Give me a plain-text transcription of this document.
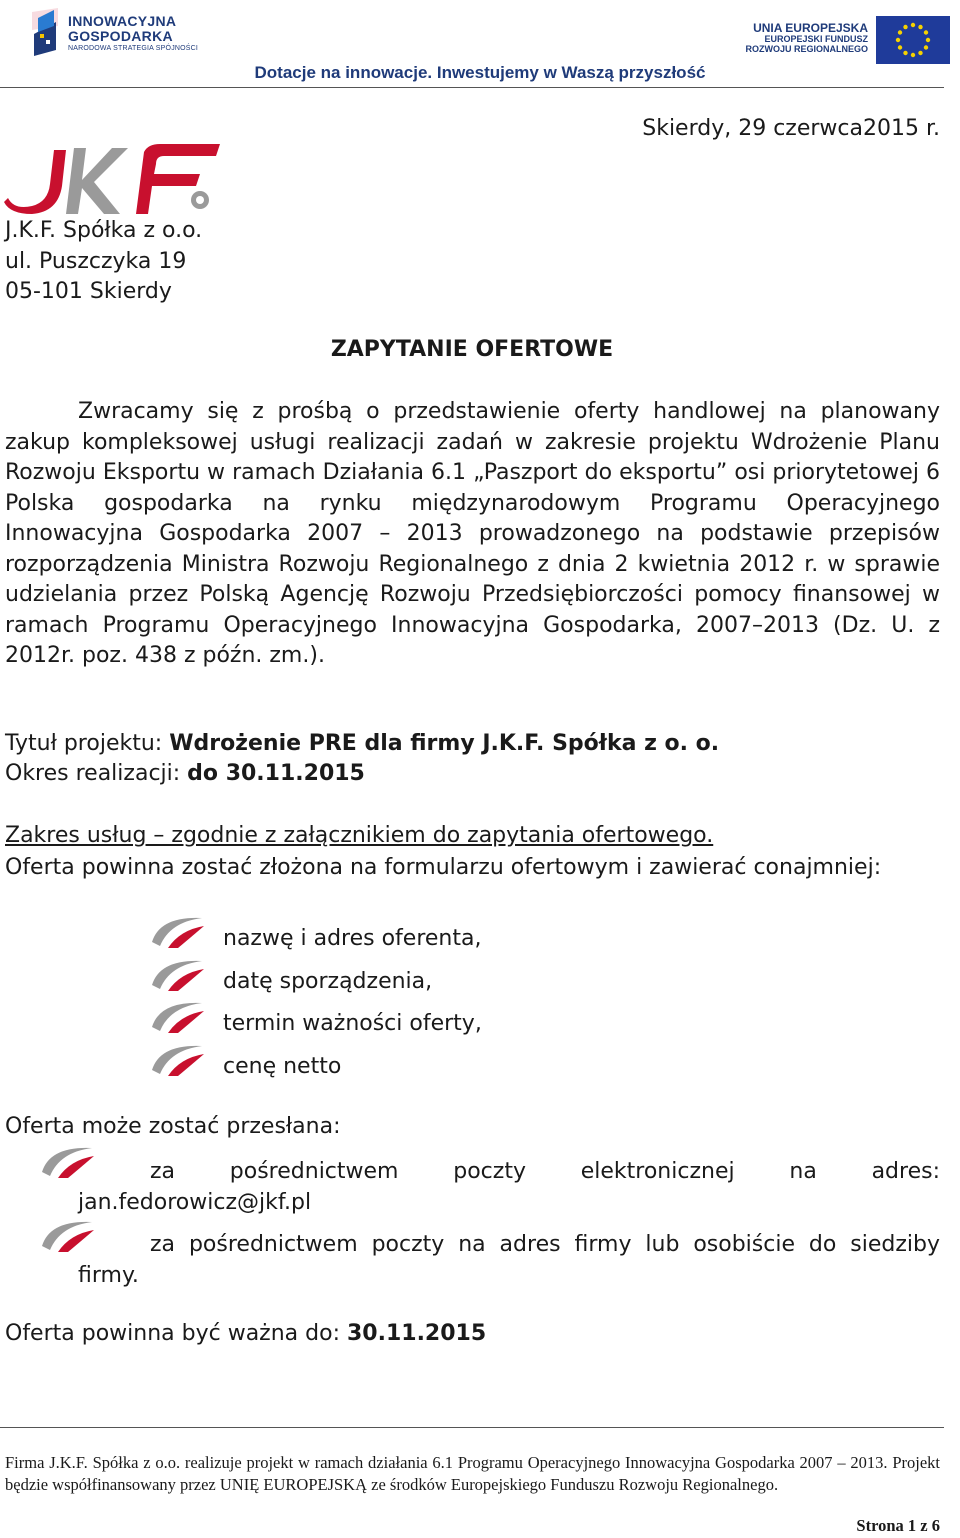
INNOWACYJNA
GOSPODARKA
NARODOWA STRATEGIA SPÓJNOŚCI
UNIA EUROPEJSKA
EUROPEJSKI FUNDUSZ
ROZWOJU REGIONALNEGO
Dotacje na innowacje. Inwestujemy w Waszą przyszłość
Skierdy, 29 czerwca2015 r.
J.K.F. Spółka z o.o.
ul. Puszczyka 19
05-101 Skierdy
ZAPYTANIE OFERTOWE

Zwracamy się z prośbą o przedstawienie oferty handlowej na planowany zakup kompleksowej usługi realizacji zadań w zakresie projektu Wdrożenie Planu Rozwoju Eksportu w ramach Działania 6.1 „Paszport do eksportu” osi priorytetowej 6 Polska gospodarka na rynku międzynarodowym Programu Operacyjnego Innowacyjna Gospodarka 2007 – 2013 prowadzonego na podstawie przepisów rozporządzenia Ministra Rozwoju Regionalnego z dnia 2 kwietnia 2012 r. w sprawie udzielania przez Polską Agencję Rozwoju Przedsiębiorczości pomocy finansowej w ramach Programu Operacyjnego Innowacyjna Gospodarka, 2007–2013 (Dz. U. z 2012r. poz. 438 z późn. zm.).

Tytuł projektu: Wdrożenie PRE dla firmy J.K.F. Spółka z o. o.
Okres realizacji: do 30.11.2015
Zakres usług – zgodnie z załącznikiem do zapytania ofertowego.
Oferta powinna zostać złożona na formularzu ofertowym i zawierać conajmniej:
nazwę i adres oferenta,
datę sporządzenia,
termin ważności oferty,
cenę netto
Oferta może zostać przesłana:
za pośrednictwem poczty elektronicznej na adres: jan.fedorowicz@jkf.pl
za pośrednictwem poczty na adres firmy lub osobiście do siedziby firmy.
Oferta powinna być ważna do: 30.11.2015
Firma J.K.F. Spółka z o.o. realizuje projekt w ramach działania 6.1 Programu Operacyjnego Innowacyjna Gospodarka 2007 – 2013. Projekt będzie współfinansowany przez UNIĘ EUROPEJSKĄ ze środków Europejskiego Funduszu Rozwoju Regionalnego.
Strona 1 z 6
